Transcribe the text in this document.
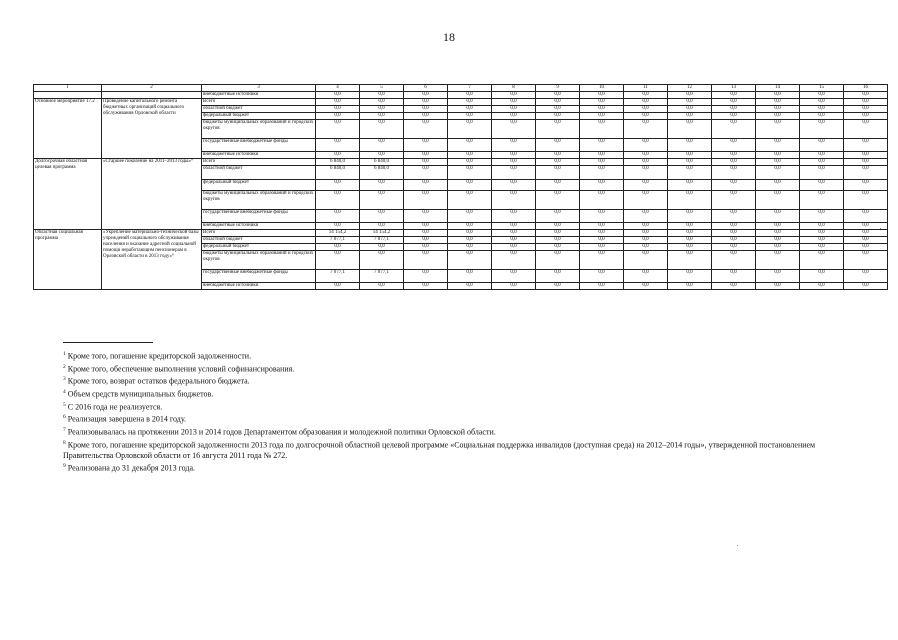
18
1	2	3	4	5	6	7	8	9	10	11	12	13	14	15	16
		внебюджетные источники	0,0	0,0	0,0	0,0	0,0	0,0	0,0	0,0	0,0	0,0	0,0	0,0	0,0
Основное мероприятие 17.2	Проведение капитального ремонта бюджетных организаций социального обслуживания Орловской области	Всего	0,0	0,0	0,0	0,0	0,0	0,0	0,0	0,0	0,0	0,0	0,0	0,0	0,0
		областной бюджет	0,0	0,0	0,0	0,0	0,0	0,0	0,0	0,0	0,0	0,0	0,0	0,0	0,0
		федеральный бюджет	0,0	0,0	0,0	0,0	0,0	0,0	0,0	0,0	0,0	0,0	0,0	0,0	0,0
		бюджеты муниципальных образований и городских округов	0,0	0,0	0,0	0,0	0,0	0,0	0,0	0,0	0,0	0,0	0,0	0,0	0,0
		государственные внебюджетные фонды	0,0	0,0	0,0	0,0	0,0	0,0	0,0	0,0	0,0	0,0	0,0	0,0	0,0
		внебюджетные источники	0,0	0,0	0,0	0,0	0,0	0,0	0,0	0,0	0,0	0,0	0,0	0,0	0,0
Долгосрочная областная целевая программа	«Старшее поколение на 2011–2013 годы»⁹	Всего	6 840,0	6 840,0	0,0	0,0	0,0	0,0	0,0	0,0	0,0	0,0	0,0	0,0	0,0
		областной бюджет	6 840,0	6 840,0	0,0	0,0	0,0	0,0	0,0	0,0	0,0	0,0	0,0	0,0	0,0
		федеральный бюджет	0,0	0,0	0,0	0,0	0,0	0,0	0,0	0,0	0,0	0,0	0,0	0,0	0,0
		бюджеты муниципальных образований и городских округов	0,0	0,0	0,0	0,0	0,0	0,0	0,0	0,0	0,0	0,0	0,0	0,0	0,0
		государственные внебюджетные фонды	0,0	0,0	0,0	0,0	0,0	0,0	0,0	0,0	0,0	0,0	0,0	0,0	0,0
		внебюджетные источники	0,0	0,0	0,0	0,0	0,0	0,0	0,0	0,0	0,0	0,0	0,0	0,0	0,0
Областная социальная программа	«Укрепление материально-технической базы учреждений социального обслуживания населения и оказание адресной социальной помощи неработающим пенсионерам в Орловской области в 2013 году»⁹	Всего	14 154,2	14 154,2	0,0	0,0	0,0	0,0	0,0	0,0	0,0	0,0	0,0	0,0	0,0
		областной бюджет	7 077,1	7 077,1	0,0	0,0	0,0	0,0	0,0	0,0	0,0	0,0	0,0	0,0	0,0
		федеральный бюджет	0,0	0,0	0,0	0,0	0,0	0,0	0,0	0,0	0,0	0,0	0,0	0,0	0,0
		бюджеты муниципальных образований и городских округов	0,0	0,0	0,0	0,0	0,0	0,0	0,0	0,0	0,0	0,0	0,0	0,0	0,0
		государственные внебюджетные фонды	7 077,1	7 077,1	0,0	0,0	0,0	0,0	0,0	0,0	0,0	0,0	0,0	0,0	0,0
		внебюджетные источники	0,0	0,0	0,0	0,0	0,0	0,0	0,0	0,0	0,0	0,0	0,0	0,0	0,0
$^1$ Кроме того, погашение кредиторской задолженности.
$^2$ Кроме того, обеспечение выполнения условий софинансирования.
$^3$ Кроме того, возврат остатков федерального бюджета.
$^4$ Объем средств муниципальных бюджетов.
$^5$ С 2016 года не реализуется.
$^6$ Реализация завершена в 2014 году.
$^7$ Реализовывалась на протяжении 2013 и 2014 годов Департаментом образования и молодежной политики Орловской области.
$^8$ Кроме того, погашение кредиторской задолженности 2013 года по долгосрочной областной целевой программе «Социальная поддержка инвалидов (доступная среда) на 2012–2014 годы», утвержденной постановлением Правительства Орловской области от 16 августа 2011 года № 272.
$^9$ Реализована до 31 декабря 2013 года.
